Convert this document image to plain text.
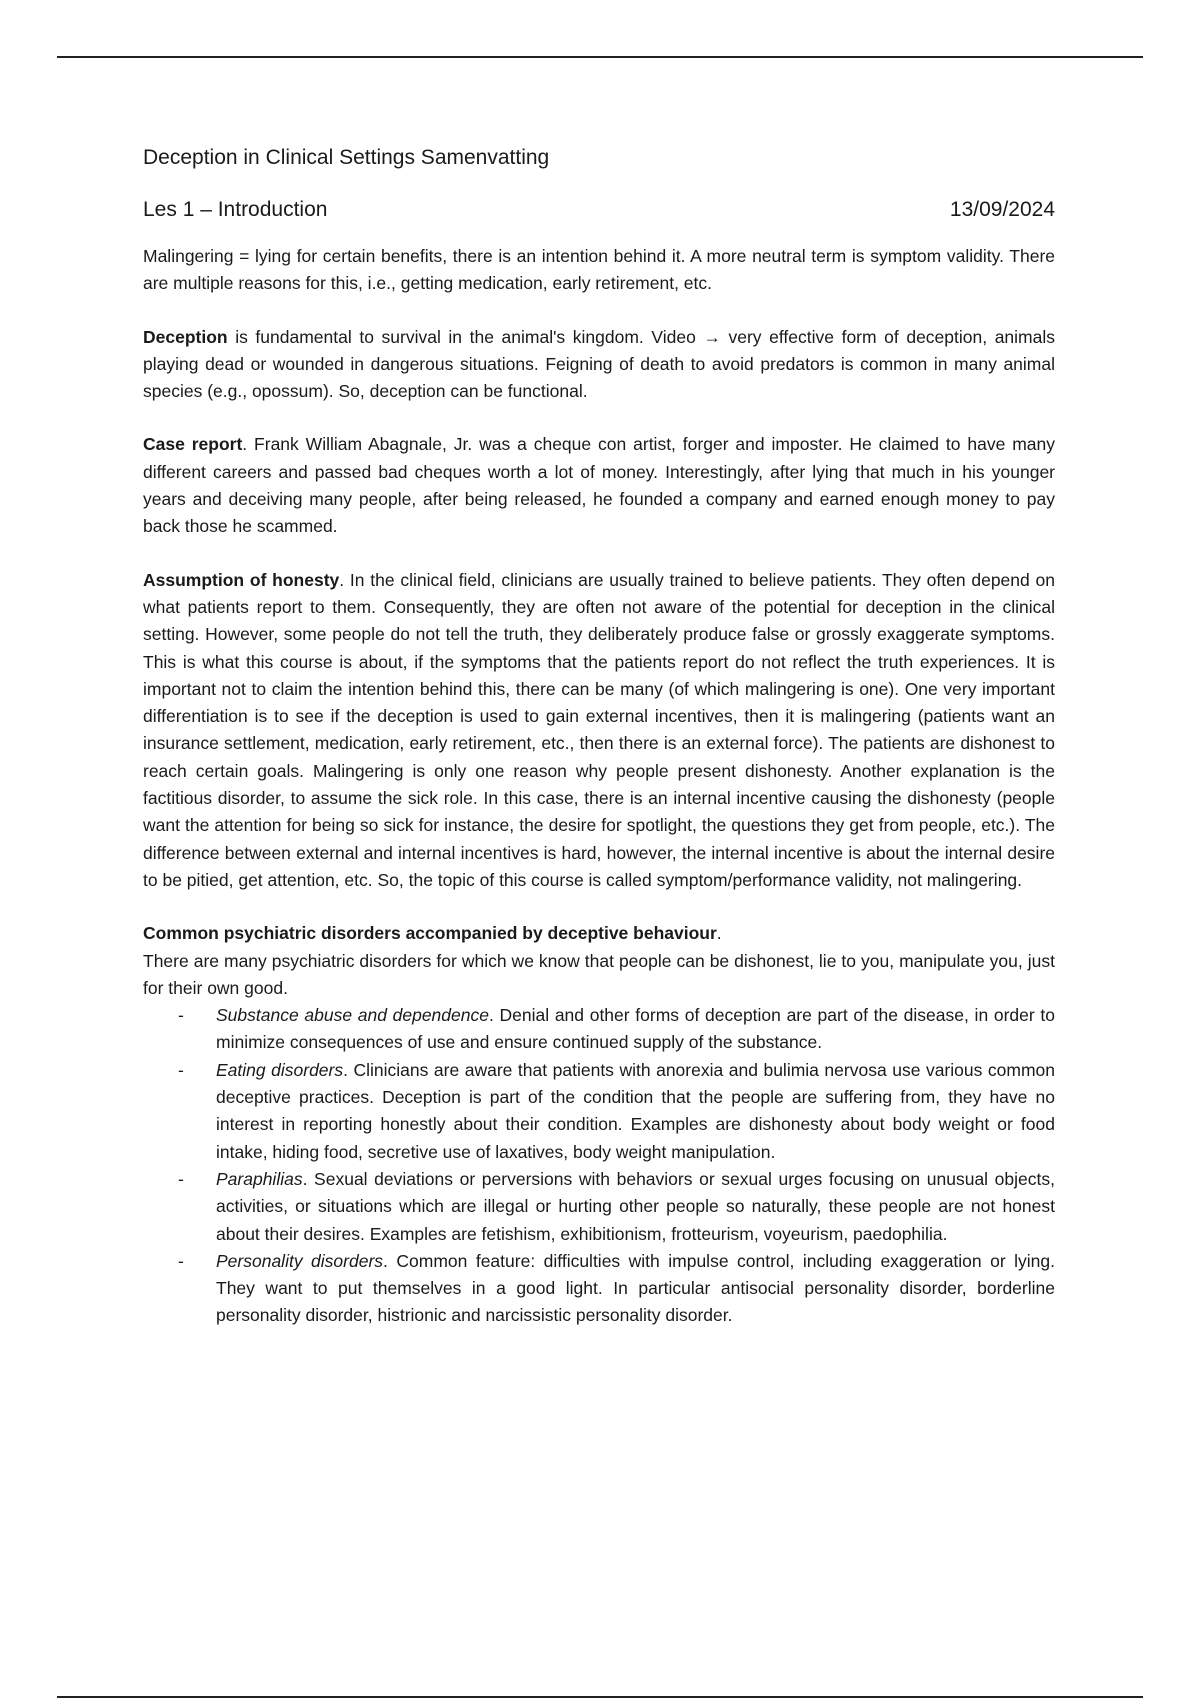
Deception in Clinical Settings Samenvatting
Les 1 – Introduction	13/09/2024

Malingering = lying for certain benefits, there is an intention behind it. A more neutral term is symptom validity. There are multiple reasons for this, i.e., getting medication, early retirement, etc.

Deception is fundamental to survival in the animal's kingdom. Video → very effective form of deception, animals playing dead or wounded in dangerous situations. Feigning of death to avoid predators is common in many animal species (e.g., opossum). So, deception can be functional.

Case report. Frank William Abagnale, Jr. was a cheque con artist, forger and imposter. He claimed to have many different careers and passed bad cheques worth a lot of money. Interestingly, after lying that much in his younger years and deceiving many people, after being released, he founded a company and earned enough money to pay back those he scammed.

Assumption of honesty. In the clinical field, clinicians are usually trained to believe patients. They often depend on what patients report to them. Consequently, they are often not aware of the potential for deception in the clinical setting. However, some people do not tell the truth, they deliberately produce false or grossly exaggerate symptoms. This is what this course is about, if the symptoms that the patients report do not reflect the truth experiences. It is important not to claim the intention behind this, there can be many (of which malingering is one). One very important differentiation is to see if the deception is used to gain external incentives, then it is malingering (patients want an insurance settlement, medication, early retirement, etc., then there is an external force). The patients are dishonest to reach certain goals. Malingering is only one reason why people present dishonesty. Another explanation is the factitious disorder, to assume the sick role. In this case, there is an internal incentive causing the dishonesty (people want the attention for being so sick for instance, the desire for spotlight, the questions they get from people, etc.). The difference between external and internal incentives is hard, however, the internal incentive is about the internal desire to be pitied, get attention, etc. So, the topic of this course is called symptom/performance validity, not malingering.

Common psychiatric disorders accompanied by deceptive behaviour.
There are many psychiatric disorders for which we know that people can be dishonest, lie to you, manipulate you, just for their own good.

- Substance abuse and dependence. Denial and other forms of deception are part of the disease, in order to minimize consequences of use and ensure continued supply of the substance.
- Eating disorders. Clinicians are aware that patients with anorexia and bulimia nervosa use various common deceptive practices. Deception is part of the condition that the people are suffering from, they have no interest in reporting honestly about their condition. Examples are dishonesty about body weight or food intake, hiding food, secretive use of laxatives, body weight manipulation.
- Paraphilias. Sexual deviations or perversions with behaviors or sexual urges focusing on unusual objects, activities, or situations which are illegal or hurting other people so naturally, these people are not honest about their desires. Examples are fetishism, exhibitionism, frotteurism, voyeurism, paedophilia.
- Personality disorders. Common feature: difficulties with impulse control, including exaggeration or lying. They want to put themselves in a good light. In particular antisocial personality disorder, borderline personality disorder, histrionic and narcissistic personality disorder.
